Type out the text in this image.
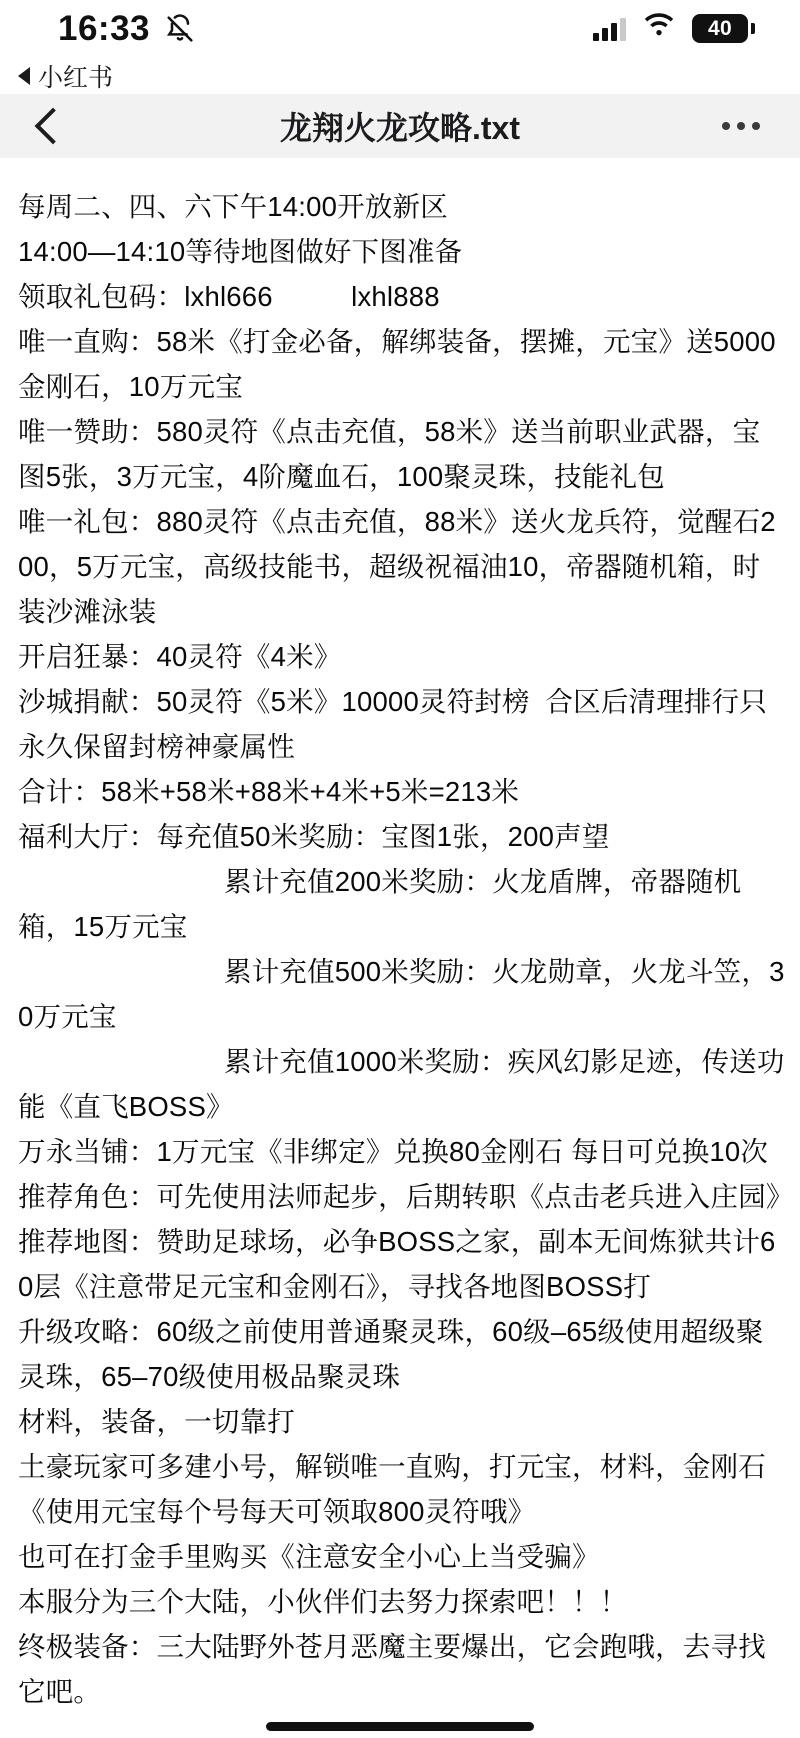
16:33	40
小红书
龙翔火龙攻略.txt
每周二、四、六下午14:00开放新区
14:00—14:10等待地图做好下图准备
领取礼包码：lxhl666          lxhl888
唯一直购：58米《打金必备，解绑装备，摆摊，元宝》送5000金刚石，10万元宝
唯一赞助：580灵符《点击充值，58米》送当前职业武器，宝图5张，3万元宝，4阶魔血石，100聚灵珠，技能礼包
唯一礼包：880灵符《点击充值，88米》送火龙兵符，觉醒石200，5万元宝，高级技能书，超级祝福油10，帝器随机箱，时装沙滩泳装
开启狂暴：40灵符《4米》
沙城捐献：50灵符《5米》10000灵符封榜  合区后清理排行只永久保留封榜神豪属性
合计：58米+58米+88米+4米+5米=213米
福利大厅：每充值50米奖励：宝图1张，200声望
累计充值200米奖励：火龙盾牌，帝器随机箱，15万元宝
累计充值500米奖励：火龙勋章，火龙斗笠，30万元宝
累计充值1000米奖励：疾风幻影足迹，传送功能《直飞BOSS》
万永当铺：1万元宝《非绑定》兑换80金刚石 每日可兑换10次
推荐角色：可先使用法师起步，后期转职《点击老兵进入庄园》
推荐地图：赞助足球场，必争BOSS之家，副本无间炼狱共计60层《注意带足元宝和金刚石》，寻找各地图BOSS打
升级攻略：60级之前使用普通聚灵珠，60级–65级使用超级聚灵珠，65–70级使用极品聚灵珠
材料，装备，一切靠打
土豪玩家可多建小号，解锁唯一直购，打元宝，材料，金刚石《使用元宝每个号每天可领取800灵符哦》
也可在打金手里购买《注意安全小心上当受骗》
本服分为三个大陆，小伙伴们去努力探索吧！！！
终极装备：三大陆野外苍月恶魔主要爆出，它会跑哦，去寻找它吧。
